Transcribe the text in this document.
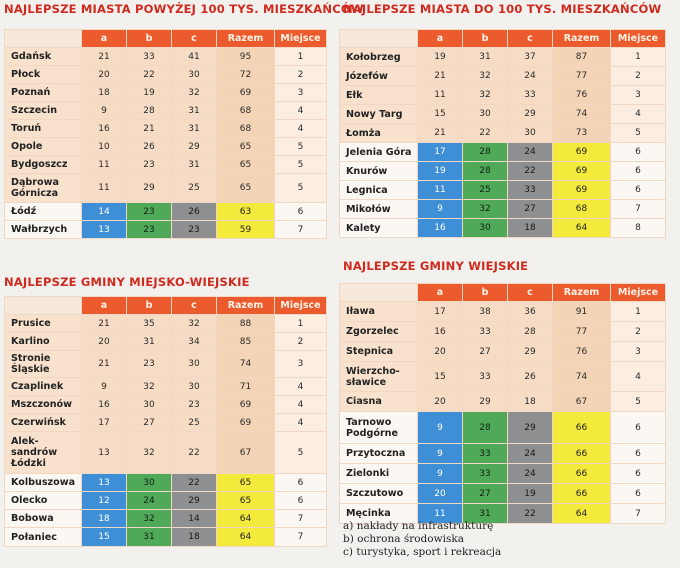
NAJLEPSZE MIASTA POWYŻEJ 100 TYS. MIESZKAŃCÓW
	a	b	c	Razem	Miejsce
Gdańsk	21	33	41	95	1
Płock	20	22	30	72	2
Poznań	18	19	32	69	3
Szczecin	9	28	31	68	4
Toruń	16	21	31	68	4
Opole	10	26	29	65	5
Bydgoszcz	11	23	31	65	5
Dąbrowa Górnicza	11	29	25	65	5
Łódź	14	23	26	63	6
Wałbrzych	13	23	23	59	7
NAJLEPSZE MIASTA DO 100 TYS. MIESZKAŃCÓW
	a	b	c	Razem	Miejsce
Kołobrzeg	19	31	37	87	1
Józefów	21	32	24	77	2
Ełk	11	32	33	76	3
Nowy Targ	15	30	29	74	4
Łomża	21	22	30	73	5
Jelenia Góra	17	28	24	69	6
Knurów	19	28	22	69	6
Legnica	11	25	33	69	6
Mikołów	9	32	27	68	7
Kalety	16	30	18	64	8
NAJLEPSZE GMINY MIEJSKO-WIEJSKIE
	a	b	c	Razem	Miejsce
Prusice	21	35	32	88	1
Karlino	20	31	34	85	2
Stronie Śląskie	21	23	30	74	3
Czaplinek	9	32	30	71	4
Mszczonów	16	30	23	69	4
Czerwińsk	17	27	25	69	4
Alek-sandrów Łódzki	13	32	22	67	5
Kolbuszowa	13	30	22	65	6
Olecko	12	24	29	65	6
Bobowa	18	32	14	64	7
Połaniec	15	31	18	64	7
NAJLEPSZE GMINY WIEJSKIE
	a	b	c	Razem	Miejsce
Iława	17	38	36	91	1
Zgorzelec	16	33	28	77	2
Stepnica	20	27	29	76	3
Wierzcho-sławice	15	33	26	74	4
Ciasna	20	29	18	67	5
Tarnowo Podgórne	9	28	29	66	6
Przytoczna	9	33	24	66	6
Zielonki	9	33	24	66	6
Szczutowo	20	27	19	66	6
Męcinka	11	31	22	64	7
a) nakłady na infrastrukturę
b) ochrona środowiska
c) turystyka, sport i rekreacja
